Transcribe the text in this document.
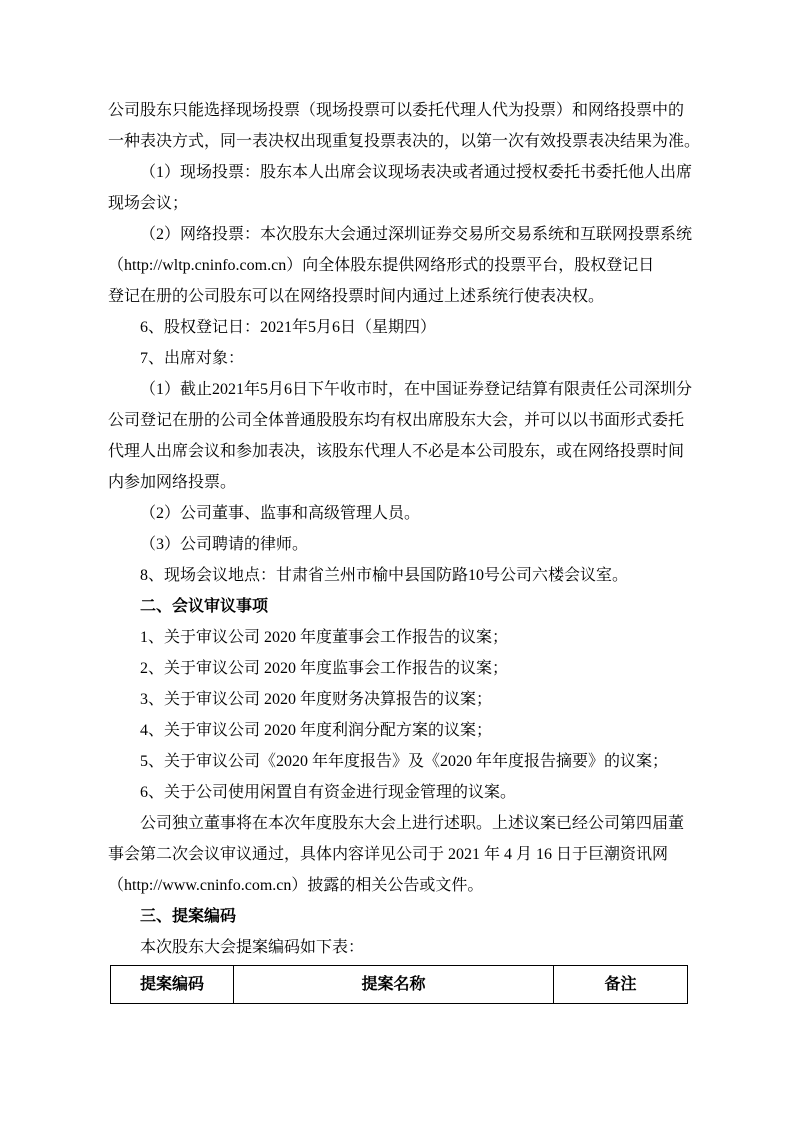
公司股东只能选择现场投票（现场投票可以委托代理人代为投票）和网络投票中的
一种表决方式，同一表决权出现重复投票表决的，以第一次有效投票表决结果为准。
（1）现场投票：股东本人出席会议现场表决或者通过授权委托书委托他人出席
现场会议；
（2）网络投票：本次股东大会通过深圳证券交易所交易系统和互联网投票系统
（http://wltp.cninfo.com.cn）向全体股东提供网络形式的投票平台，股权登记日
登记在册的公司股东可以在网络投票时间内通过上述系统行使表决权。
6、股权登记日：2021年5月6日（星期四）
7、出席对象：
（1）截止2021年5月6日下午收市时，在中国证券登记结算有限责任公司深圳分
公司登记在册的公司全体普通股股东均有权出席股东大会，并可以以书面形式委托
代理人出席会议和参加表决，该股东代理人不必是本公司股东，或在网络投票时间
内参加网络投票。
（2）公司董事、监事和高级管理人员。
（3）公司聘请的律师。
8、现场会议地点：甘肃省兰州市榆中县国防路10号公司六楼会议室。
二、会议审议事项
1、关于审议公司 2020 年度董事会工作报告的议案；
2、关于审议公司 2020 年度监事会工作报告的议案；
3、关于审议公司 2020 年度财务决算报告的议案；
4、关于审议公司 2020 年度利润分配方案的议案；
5、关于审议公司《2020 年年度报告》及《2020 年年度报告摘要》的议案；
6、关于公司使用闲置自有资金进行现金管理的议案。
公司独立董事将在本次年度股东大会上进行述职。上述议案已经公司第四届董
事会第二次会议审议通过，具体内容详见公司于 2021 年 4 月 16 日于巨潮资讯网
（http://www.cninfo.com.cn）披露的相关公告或文件。
三、提案编码
本次股东大会提案编码如下表：
提案编码	提案名称	备注
